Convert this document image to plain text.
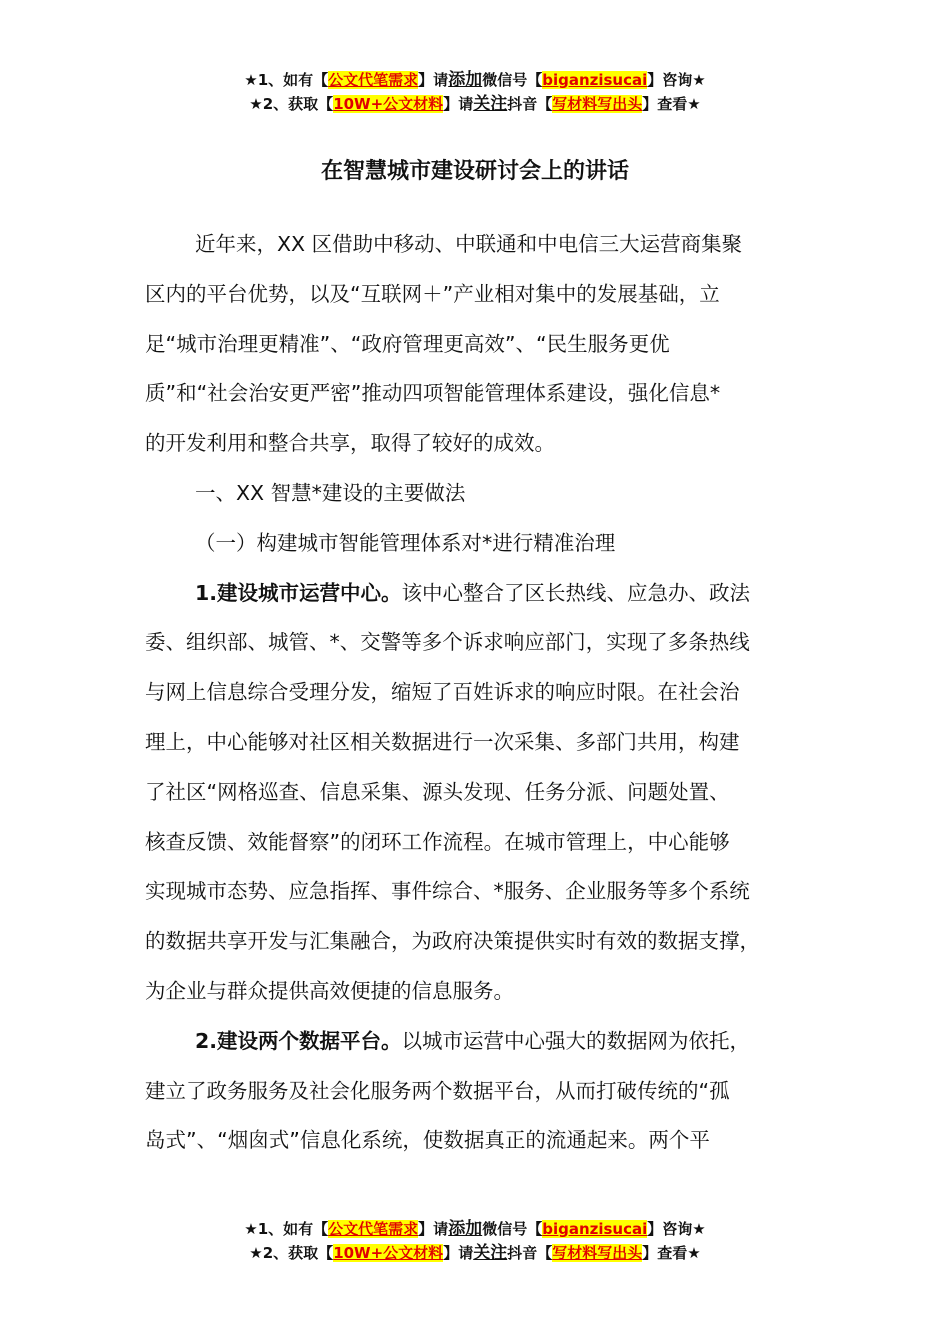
★1、如有【公文代笔需求】请添加微信号【biganzisucai】咨询★
★2、获取【10W+公文材料】请关注抖音【写材料写出头】查看★
在智慧城市建设研讨会上的讲话
近年来，XX 区借助中移动、中联通和中电信三大运营商集聚
区内的平台优势，以及“互联网＋”产业相对集中的发展基础，立
足“城市治理更精准”、“政府管理更高效”、“民生服务更优
质”和“社会治安更严密”推动四项智能管理体系建设，强化信息*
的开发利用和整合共享，取得了较好的成效。
一、XX 智慧*建设的主要做法
（一）构建城市智能管理体系对*进行精准治理
1.建设城市运营中心。该中心整合了区长热线、应急办、政法
委、组织部、城管、*、交警等多个诉求响应部门，实现了多条热线
与网上信息综合受理分发，缩短了百姓诉求的响应时限。在社会治
理上，中心能够对社区相关数据进行一次采集、多部门共用，构建
了社区“网格巡查、信息采集、源头发现、任务分派、问题处置、
核查反馈、效能督察”的闭环工作流程。在城市管理上，中心能够
实现城市态势、应急指挥、事件综合、*服务、企业服务等多个系统
的数据共享开发与汇集融合，为政府决策提供实时有效的数据支撑，
为企业与群众提供高效便捷的信息服务。
2.建设两个数据平台。以城市运营中心强大的数据网为依托，
建立了政务服务及社会化服务两个数据平台，从而打破传统的“孤
岛式”、“烟囱式”信息化系统，使数据真正的流通起来。两个平
★1、如有【公文代笔需求】请添加微信号【biganzisucai】咨询★
★2、获取【10W+公文材料】请关注抖音【写材料写出头】查看★
